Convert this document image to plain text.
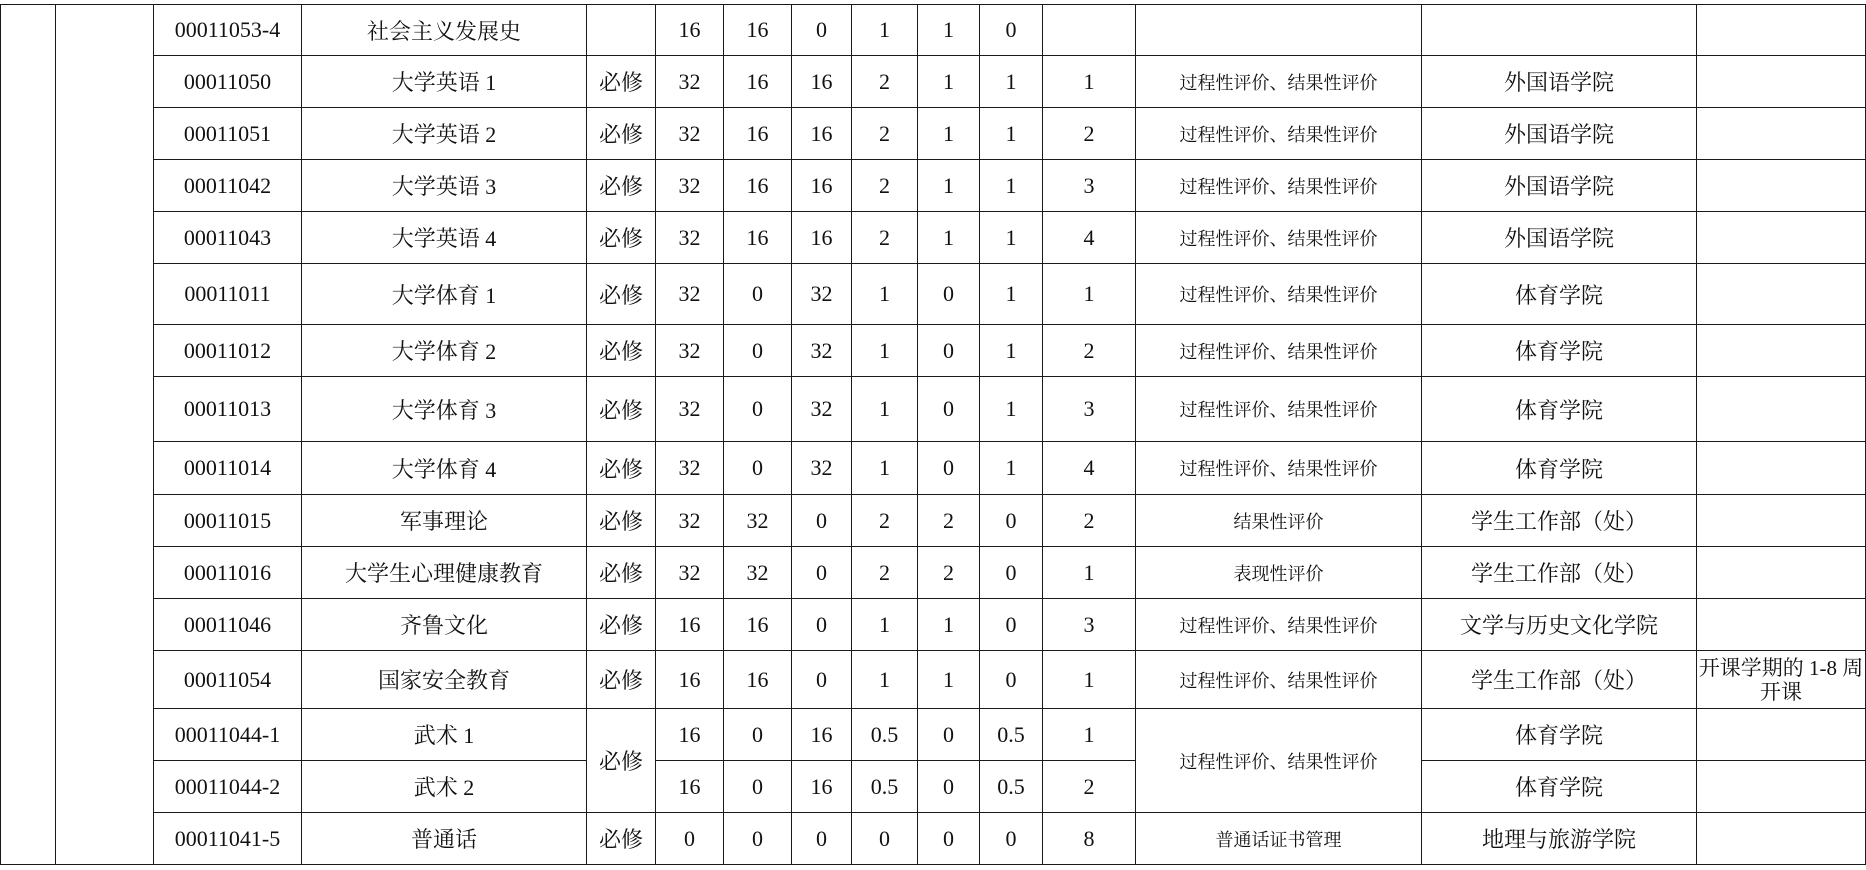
		00011053-4	社会主义发展史		16	16	0	1	1	0				
		00011050	大学英语 1	必修	32	16	16	2	1	1	1	过程性评价、结果性评价	外国语学院	
		00011051	大学英语 2	必修	32	16	16	2	1	1	2	过程性评价、结果性评价	外国语学院	
		00011042	大学英语 3	必修	32	16	16	2	1	1	3	过程性评价、结果性评价	外国语学院	
		00011043	大学英语 4	必修	32	16	16	2	1	1	4	过程性评价、结果性评价	外国语学院	
		00011011	大学体育 1	必修	32	0	32	1	0	1	1	过程性评价、结果性评价	体育学院	
		00011012	大学体育 2	必修	32	0	32	1	0	1	2	过程性评价、结果性评价	体育学院	
		00011013	大学体育 3	必修	32	0	32	1	0	1	3	过程性评价、结果性评价	体育学院	
		00011014	大学体育 4	必修	32	0	32	1	0	1	4	过程性评价、结果性评价	体育学院	
		00011015	军事理论	必修	32	32	0	2	2	0	2	结果性评价	学生工作部（处）	
		00011016	大学生心理健康教育	必修	32	32	0	2	2	0	1	表现性评价	学生工作部（处）	
		00011046	齐鲁文化	必修	16	16	0	1	1	0	3	过程性评价、结果性评价	文学与历史文化学院	
		00011054	国家安全教育	必修	16	16	0	1	1	0	1	过程性评价、结果性评价	学生工作部（处）	开课学期的 1-8 周开课
		00011044-1	武术 1	必修	16	0	16	0.5	0	0.5	1	过程性评价、结果性评价	体育学院	
		00011044-2	武术 2		16	0	16	0.5	0	0.5	2		体育学院	
		00011041-5	普通话	必修	0	0	0	0	0	0	8	普通话证书管理	地理与旅游学院	
